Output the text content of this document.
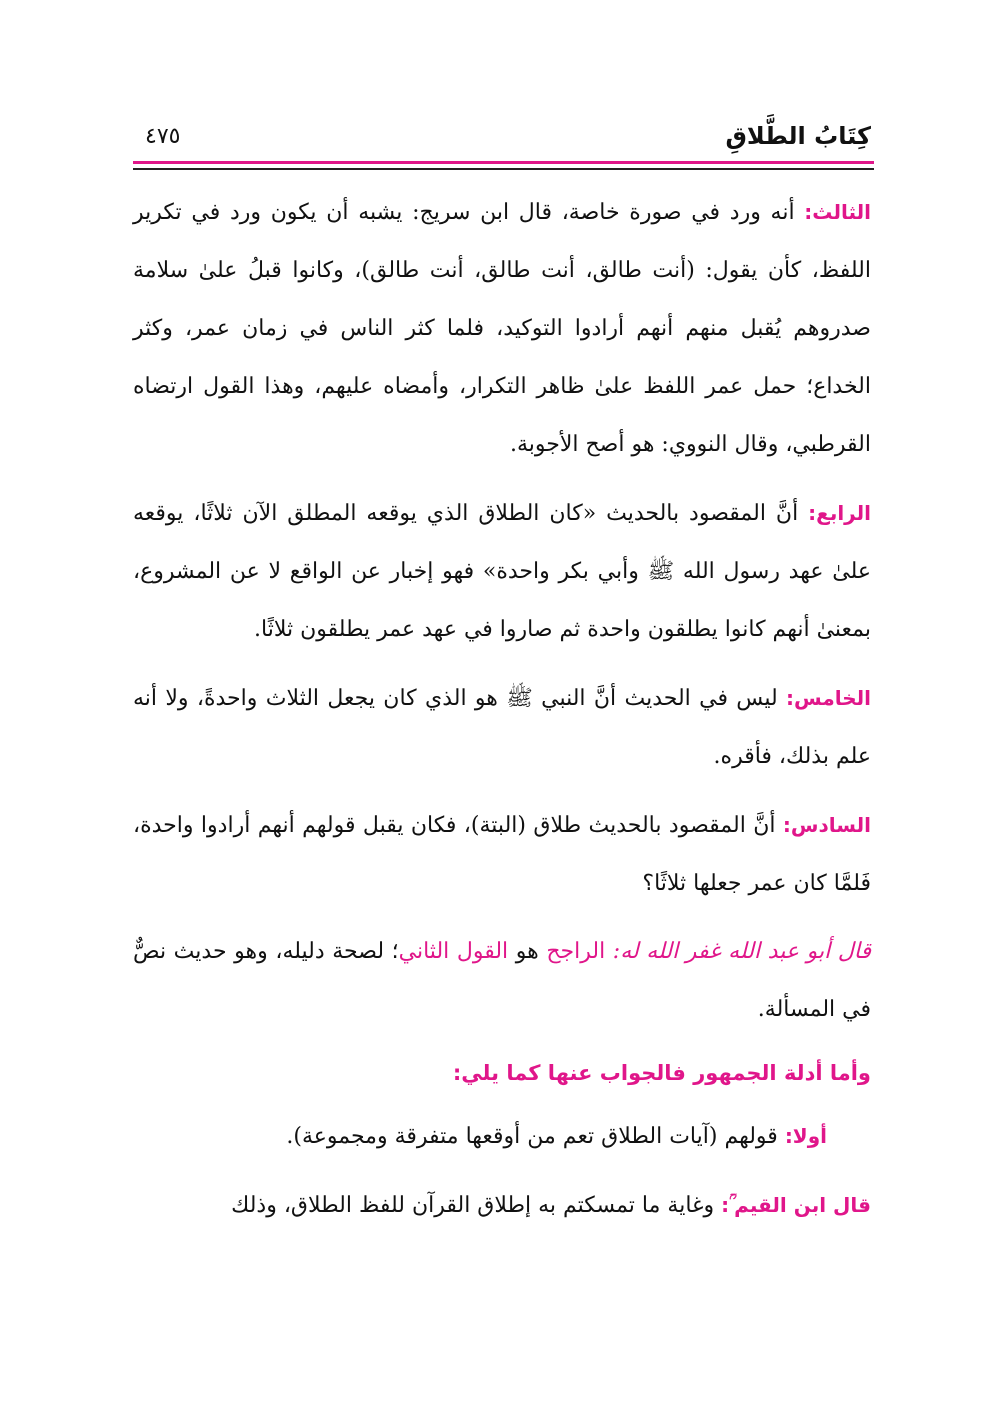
كِتَابُ الطَّلاقِ
٤٧٥

الثالث: أنه ورد في صورة خاصة، قال ابن سريج: يشبه أن يكون ورد في تكرير اللفظ، كأن يقول: (أنت طالق، أنت طالق، أنت طالق)، وكانوا قبلُ علىٰ سلامة صدروهم يُقبل منهم أنهم أرادوا التوكيد، فلما كثر الناس في زمان عمر، وكثر الخداع؛ حمل عمر اللفظ علىٰ ظاهر التكرار، وأمضاه عليهم، وهذا القول ارتضاه القرطبي، وقال النووي: هو أصح الأجوبة.

الرابع: أنَّ المقصود بالحديث «كان الطلاق الذي يوقعه المطلق الآن ثلاثًا، يوقعه علىٰ عهد رسول الله ﷺ وأبي بكر واحدة» فهو إخبار عن الواقع لا عن المشروع، بمعنىٰ أنهم كانوا يطلقون واحدة ثم صاروا في عهد عمر يطلقون ثلاثًا.

الخامس: ليس في الحديث أنَّ النبي ﷺ هو الذي كان يجعل الثلاث واحدةً، ولا أنه علم بذلك، فأقره.

السادس: أنَّ المقصود بالحديث طلاق (البتة)، فكان يقبل قولهم أنهم أرادوا واحدة، فَلمَّا كان عمر جعلها ثلاثًا؟

قال أبو عبد الله غفر الله له: الراجح هو القول الثاني؛ لصحة دليله، وهو حديث نصٌّ في المسألة.

وأما أدلة الجمهور فالجواب عنها كما يلي:

أولا: قولهم (آيات الطلاق تعم من أوقعها متفرقة ومجموعة).

قال ابن القيم ؒ: وغاية ما تمسكتم به إطلاق القرآن للفظ الطلاق، وذلك
